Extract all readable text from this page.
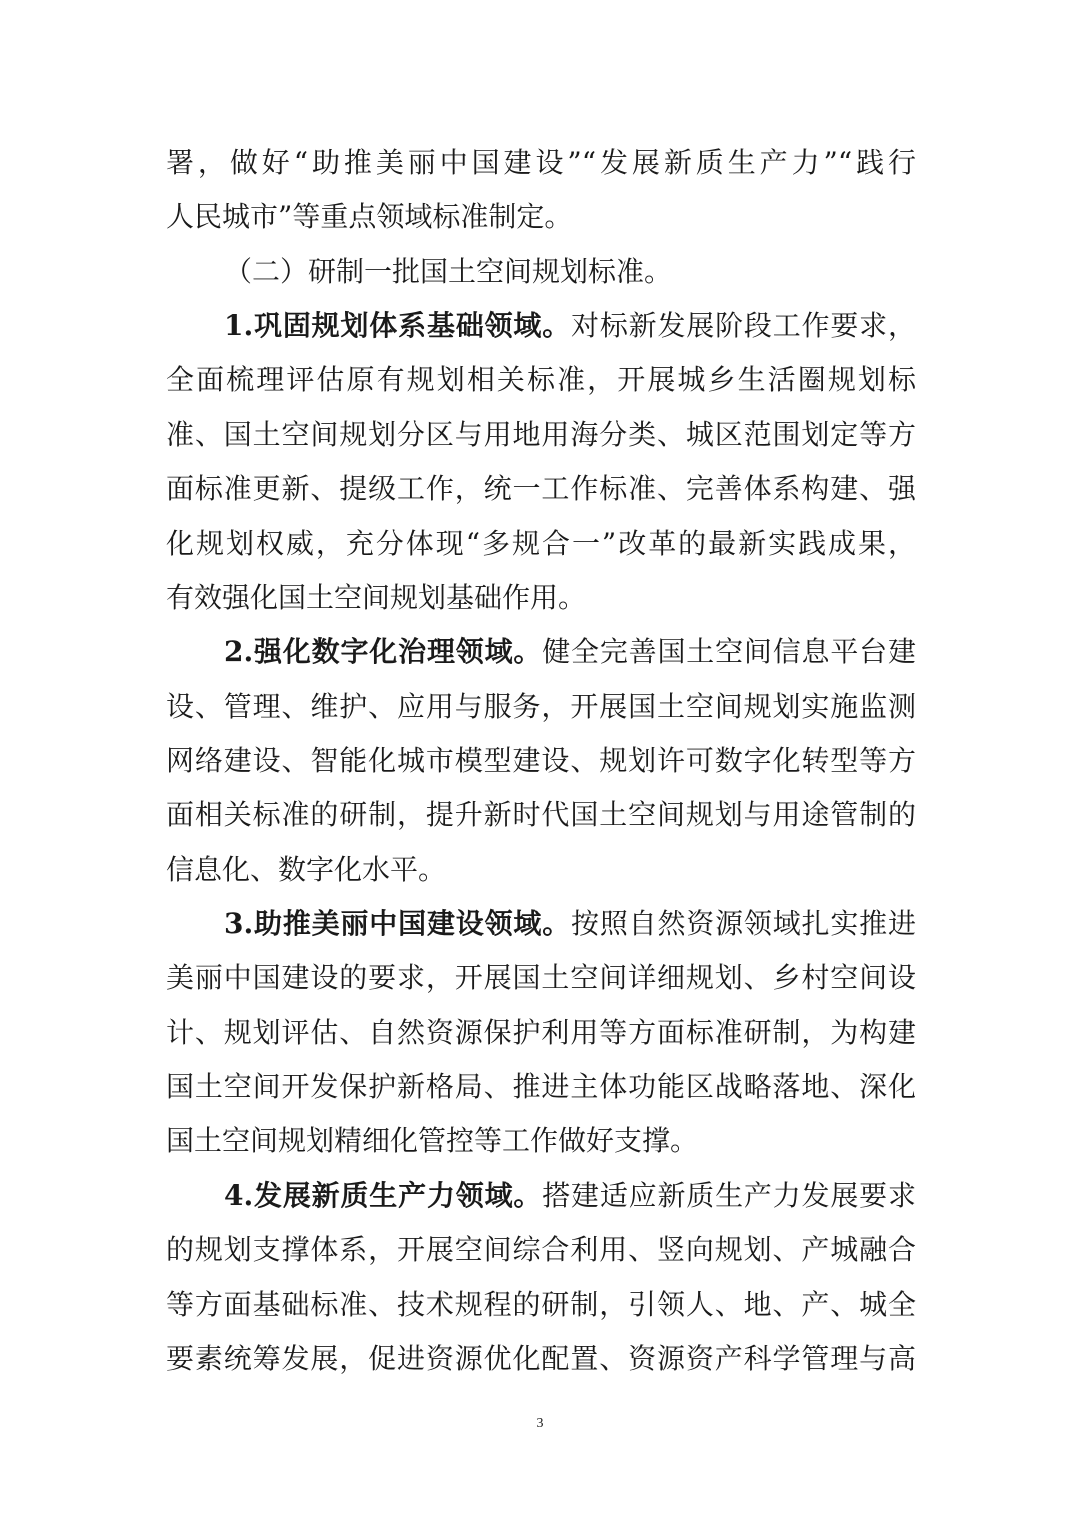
署，做好“助推美丽中国建设”“发展新质生产力”“践行
人民城市”等重点领域标准制定。
（二）研制一批国土空间规划标准。
1.巩固规划体系基础领域。对标新发展阶段工作要求，
全面梳理评估原有规划相关标准，开展城乡生活圈规划标
准、国土空间规划分区与用地用海分类、城区范围划定等方
面标准更新、提级工作，统一工作标准、完善体系构建、强
化规划权威，充分体现“多规合一”改革的最新实践成果，
有效强化国土空间规划基础作用。
2.强化数字化治理领域。健全完善国土空间信息平台建
设、管理、维护、应用与服务，开展国土空间规划实施监测
网络建设、智能化城市模型建设、规划许可数字化转型等方
面相关标准的研制，提升新时代国土空间规划与用途管制的
信息化、数字化水平。
3.助推美丽中国建设领域。按照自然资源领域扎实推进
美丽中国建设的要求，开展国土空间详细规划、乡村空间设
计、规划评估、自然资源保护利用等方面标准研制，为构建
国土空间开发保护新格局、推进主体功能区战略落地、深化
国土空间规划精细化管控等工作做好支撑。
4.发展新质生产力领域。搭建适应新质生产力发展要求
的规划支撑体系，开展空间综合利用、竖向规划、产城融合
等方面基础标准、技术规程的研制，引领人、地、产、城全
要素统筹发展，促进资源优化配置、资源资产科学管理与高
3
